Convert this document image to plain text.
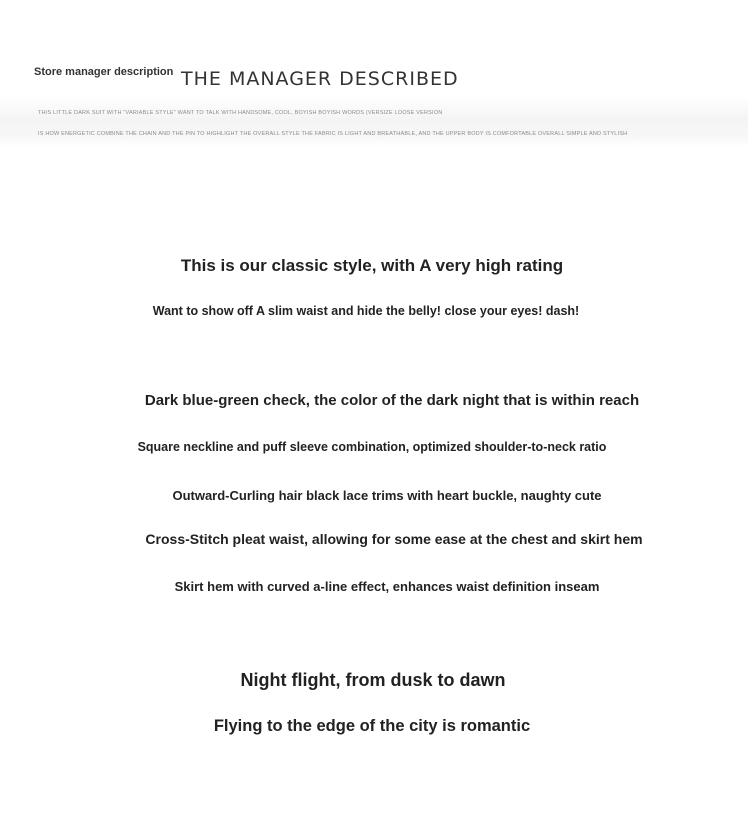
Store manager description THE MANAGER DESCRIBED
THIS LITTLE DARK SUIT WITH "VARIABLE STYLE" WANT TO TALK WITH HANDSOME, COOL, BOYISH BOYISH WORDS (VERSIZE LOOSE VERSION
IS HOW ENERGETIC COMBINE THE CHAIN AND THE PIN TO HIGHLIGHT THE OVERALL STYLE THE FABRIC IS LIGHT AND BREATHABLE, AND THE UPPER BODY IS COMFORTABLE OVERALL SIMPLE AND STYLISH
This is our classic style, with A very high rating
Want to show off A slim waist and hide the belly! close your eyes! dash!
Dark blue-green check, the color of the dark night that is within reach
Square neckline and puff sleeve combination, optimized shoulder-to-neck ratio
Outward-Curling hair black lace trims with heart buckle, naughty cute
Cross-Stitch pleat waist, allowing for some ease at the chest and skirt hem
Skirt hem with curved a-line effect, enhances waist definition inseam
Night flight, from dusk to dawn
Flying to the edge of the city is romantic
